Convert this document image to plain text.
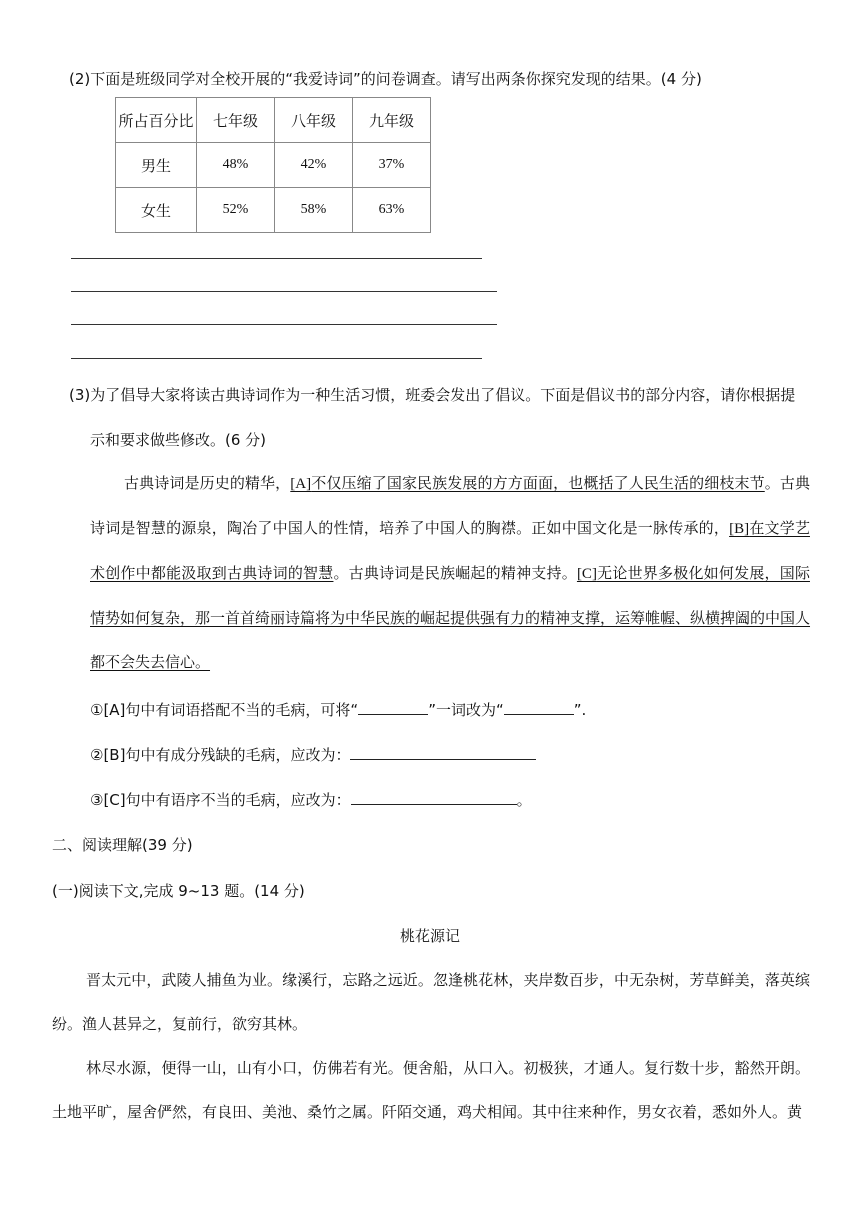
(2)下面是班级同学对全校开展的“我爱诗词”的问卷调查。请写出两条你探究发现的结果。(4 分)
所占百分比	七年级	八年级	九年级
男生	48%	42%	37%
女生	52%	58%	63%
(3)为了倡导大家将读古典诗词作为一种生活习惯，班委会发出了倡议。下面是倡议书的部分内容，请你根据提
示和要求做些修改。(6 分)
古典诗词是历史的精华，[A]不仅压缩了国家民族发展的方方面面，也概括了人民生活的细枝末节。古典诗词是智慧的源泉，陶冶了中国人的性情，培养了中国人的胸襟。正如中国文化是一脉传承的，[B]在文学艺术创作中都能汲取到古典诗词的智慧。古典诗词是民族崛起的精神支持。[C]无论世界多极化如何发展，国际情势如何复杂，那一首首绮丽诗篇将为中华民族的崛起提供强有力的精神支撑，运筹帷幄、纵横捭阖的中国人都不会失去信心。
①[A]句中有词语搭配不当的毛病，可将“	”一词改为“	”.
②[B]句中有成分残缺的毛病，应改为：
③[C]句中有语序不当的毛病，应改为：	。
二、阅读理解(39 分)
(一)阅读下文,完成 9~13 题。(14 分)
桃花源记
晋太元中，武陵人捕鱼为业。缘溪行，忘路之远近。忽逢桃花林，夹岸数百步，中无杂树，芳草鲜美，落英缤纷。渔人甚异之，复前行，欲穷其林。
林尽水源，便得一山，山有小口，仿佛若有光。便舍船，从口入。初极狭，才通人。复行数十步，豁然开朗。土地平旷，屋舍俨然，有良田、美池、桑竹之属。阡陌交通，鸡犬相闻。其中往来种作，男女衣着，悉如外人。黄
